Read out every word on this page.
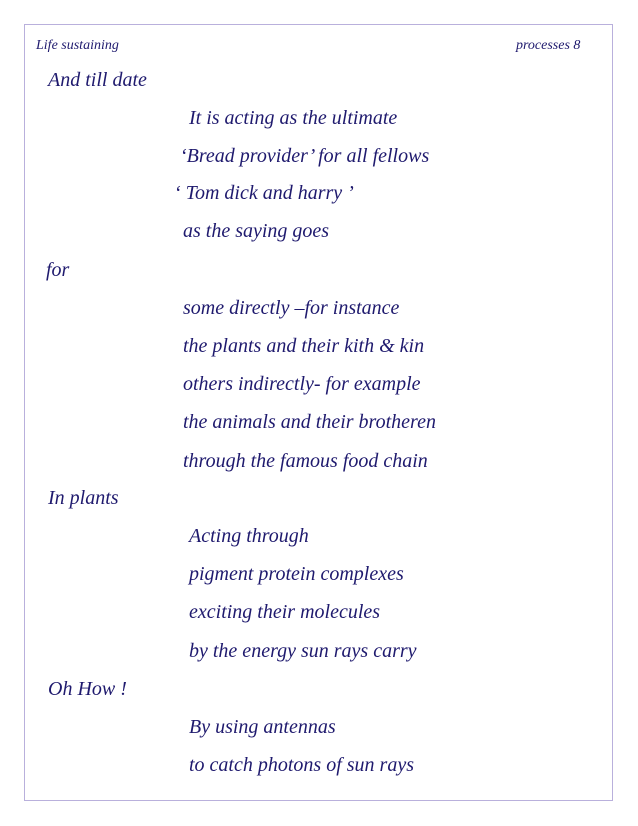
Life sustaining	processes 8
And till date
It is acting as the ultimate
‘Bread provider’ for all fellows
‘ Tom dick and harry ’
as the saying goes
for
some directly –for instance
the plants and their kith & kin
others indirectly- for example
the animals and their brotheren
through the famous food chain
In plants
Acting through
pigment protein complexes
exciting their molecules
by the energy sun rays carry
Oh How !
By using antennas
to catch photons of sun rays
